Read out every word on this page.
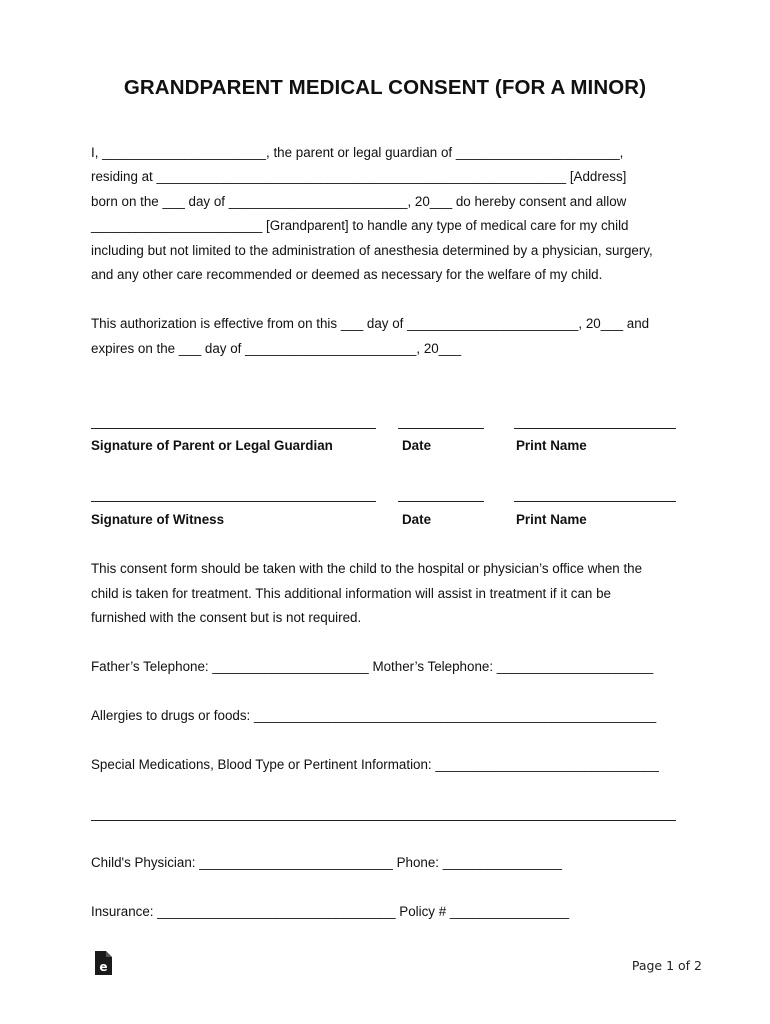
GRANDPARENT MEDICAL CONSENT (FOR A MINOR)
I, ______________________, the parent or legal guardian of ______________________,
residing at _______________________________________________________ [Address]
born on the ___ day of ________________________, 20___ do hereby consent and allow
_______________________ [Grandparent] to handle any type of medical care for my child
including but not limited to the administration of anesthesia determined by a physician, surgery,
and any other care recommended or deemed as necessary for the welfare of my child.
This authorization is effective from on this ___ day of _______________________, 20___ and
expires on the ___ day of _______________________, 20___
Signature of Parent or Legal Guardian	Date	Print Name
Signature of Witness	Date	Print Name
This consent form should be taken with the child to the hospital or physician’s office when the
child is taken for treatment. This additional information will assist in treatment if it can be
furnished with the consent but is not required.
Father’s Telephone: _____________________ Mother’s Telephone: _____________________
Allergies to drugs or foods: ______________________________________________________
Special Medications, Blood Type or Pertinent Information: ______________________________
Child's Physician: __________________________ Phone: ________________
Insurance: ________________________________ Policy # ________________
e	Page 1 of 2
